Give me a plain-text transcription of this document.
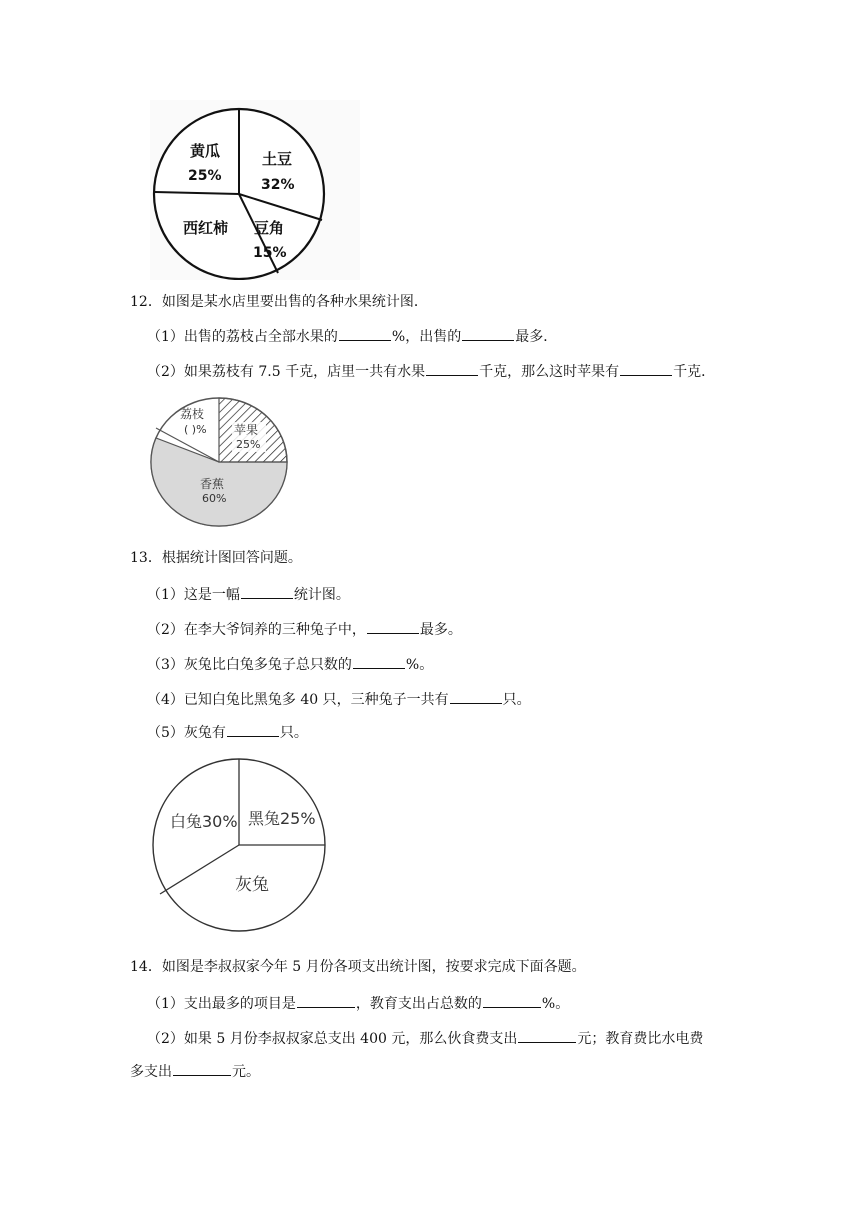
黄瓜
25%
土豆
32%
西红柿 豆角
15%
12．如图是某水店里要出售的各种水果统计图．
（1）出售的荔枝占全部水果的	%，出售的	最多．
（2）如果荔枝有 7.5 千克，店里一共有水果	千克，那么这时苹果有	千克．
荔枝
( )% 苹果
25%
香蕉
60%
13．根据统计图回答问题。
（1）这是一幅	统计图。
（2）在李大爷饲养的三种兔子中，	最多。
（3）灰兔比白兔多兔子总只数的	%。
（4）已知白兔比黑兔多 40 只，三种兔子一共有	只。
（5）灰兔有	只。
白兔30% 黑兔25%
灰兔
14．如图是李叔叔家今年 5 月份各项支出统计图，按要求完成下面各题。
（1）支出最多的项目是	，教育支出占总数的	%。
（2）如果 5 月份李叔叔家总支出 400 元，那么伙食费支出	元；教育费比水电费
多支出	元。
